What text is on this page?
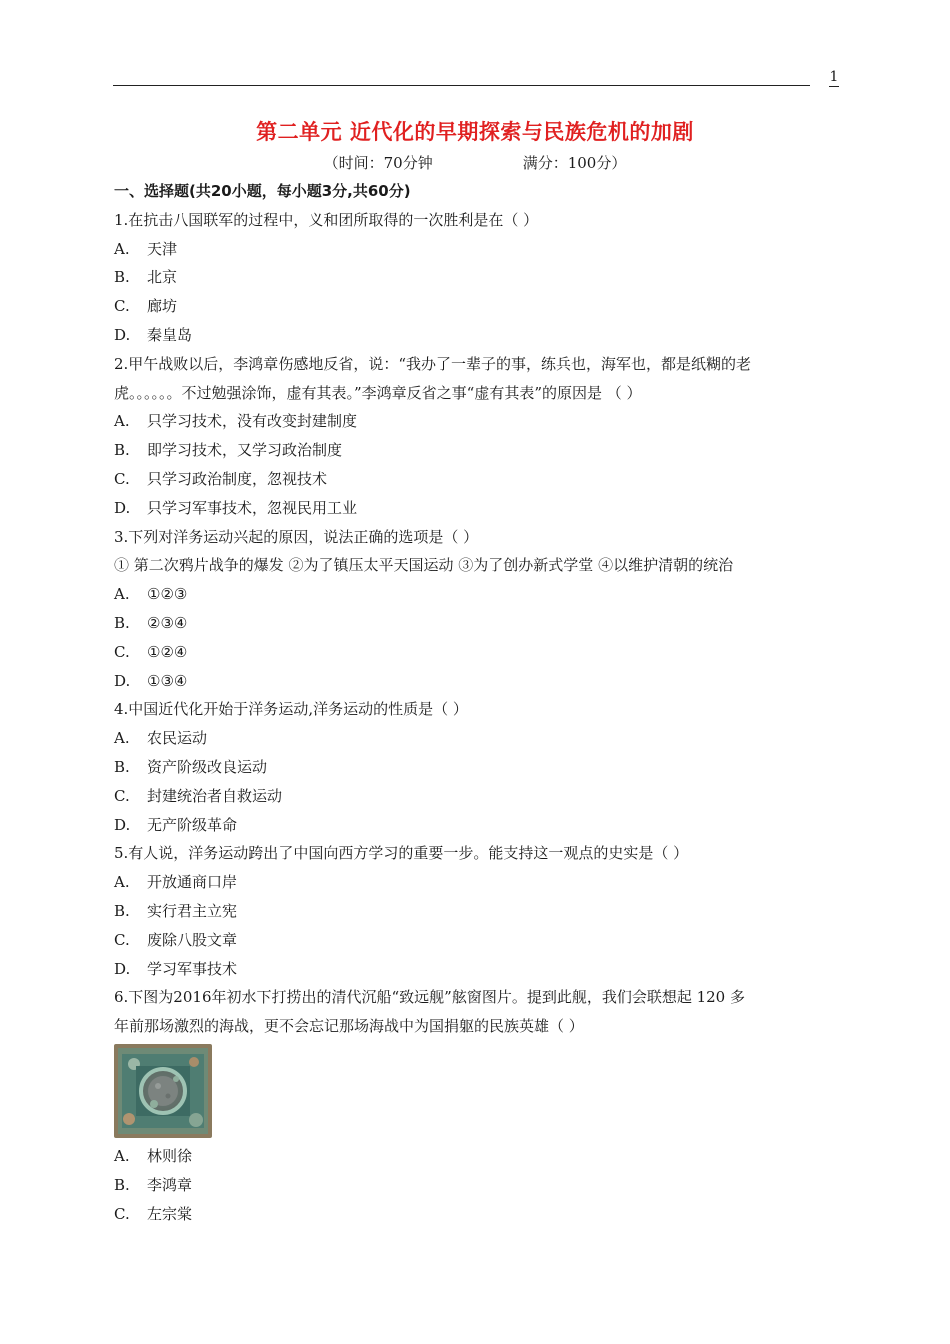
1
第二单元 近代化的早期探索与民族危机的加剧
（时间：70分钟	满分：100分）
一、选择题(共20小题，每小题3分,共60分)
1.在抗击八国联军的过程中，义和团所取得的一次胜利是在（ ）
A. 天津
B. 北京
C. 廊坊
D. 秦皇岛
2.甲午战败以后，李鸿章伤感地反省，说：“我办了一辈子的事，练兵也，海军也，都是纸糊的老
虎。。。。。。不过勉强涂饰，虚有其表。”李鸿章反省之事“虚有其表”的原因是 （ ）
A. 只学习技术，没有改变封建制度
B. 即学习技术，又学习政治制度
C. 只学习政治制度，忽视技术
D. 只学习军事技术，忽视民用工业
3.下列对洋务运动兴起的原因，说法正确的选项是（ ）
① 第二次鸦片战争的爆发 ②为了镇压太平天国运动 ③为了创办新式学堂 ④以维护清朝的统治
A. ①②③
B. ②③④
C. ①②④
D. ①③④
4.中国近代化开始于洋务运动,洋务运动的性质是（ ）
A. 农民运动
B. 资产阶级改良运动
C. 封建统治者自救运动
D. 无产阶级革命
5.有人说，洋务运动跨出了中国向西方学习的重要一步。能支持这一观点的史实是（ ）
A. 开放通商口岸
B. 实行君主立宪
C. 废除八股文章
D. 学习军事技术
6.下图为2016年初水下打捞出的清代沉船“致远舰”舷窗图片。提到此舰，我们会联想起 120 多
年前那场激烈的海战，更不会忘记那场海战中为国捐躯的民族英雄（ ）
A. 林则徐
B. 李鸿章
C. 左宗棠
